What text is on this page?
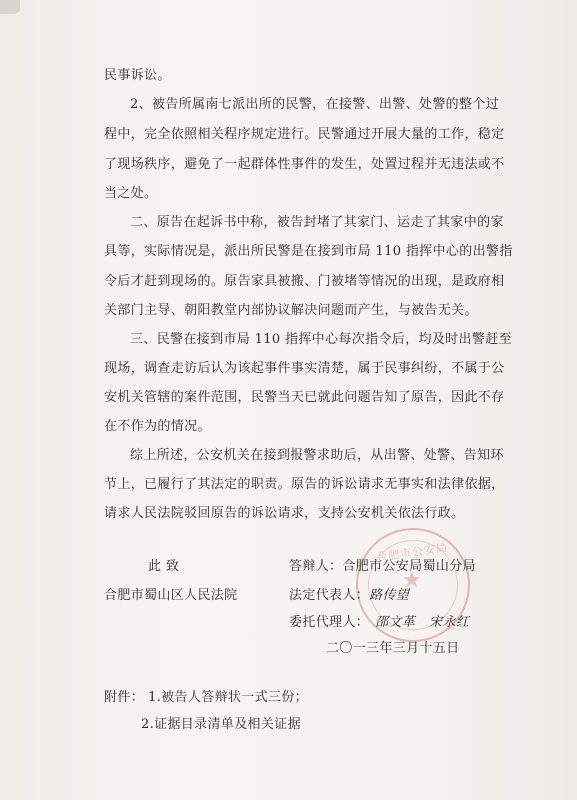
民事诉讼。
2、被告所属南七派出所的民警，在接警、出警、处警的整个过
程中，完全依照相关程序规定进行。民警通过开展大量的工作，稳定
了现场秩序，避免了一起群体性事件的发生，处置过程并无违法或不
当之处。
二、原告在起诉书中称，被告封堵了其家门、运走了其家中的家
具等，实际情况是，派出所民警是在接到市局 110 指挥中心的出警指
令后才赶到现场的。原告家具被搬、门被堵等情况的出现，是政府相
关部门主导、朝阳教堂内部协议解决问题而产生，与被告无关。
三、民警在接到市局 110 指挥中心每次指令后，均及时出警赶至
现场，调查走访后认为该起事件事实清楚，属于民事纠纷，不属于公
安机关管辖的案件范围，民警当天已就此问题告知了原告，因此不存
在不作为的情况。
综上所述，公安机关在接到报警求助后，从出警、处警、告知环
节上，已履行了其法定的职责。原告的诉讼请求无事实和法律依据，
请求人民法院驳回原告的诉讼请求，支持公安机关依法行政。
此 致
合肥市蜀山区人民法院
合肥市公安局
★
答辩人：合肥市公安局蜀山分局
法定代表人：路传望
委托代理人： 邵文革 宋永红
二〇一三年三月十五日
附件： 1.被告人答辩状一式三份；
2.证据目录清单及相关证据
